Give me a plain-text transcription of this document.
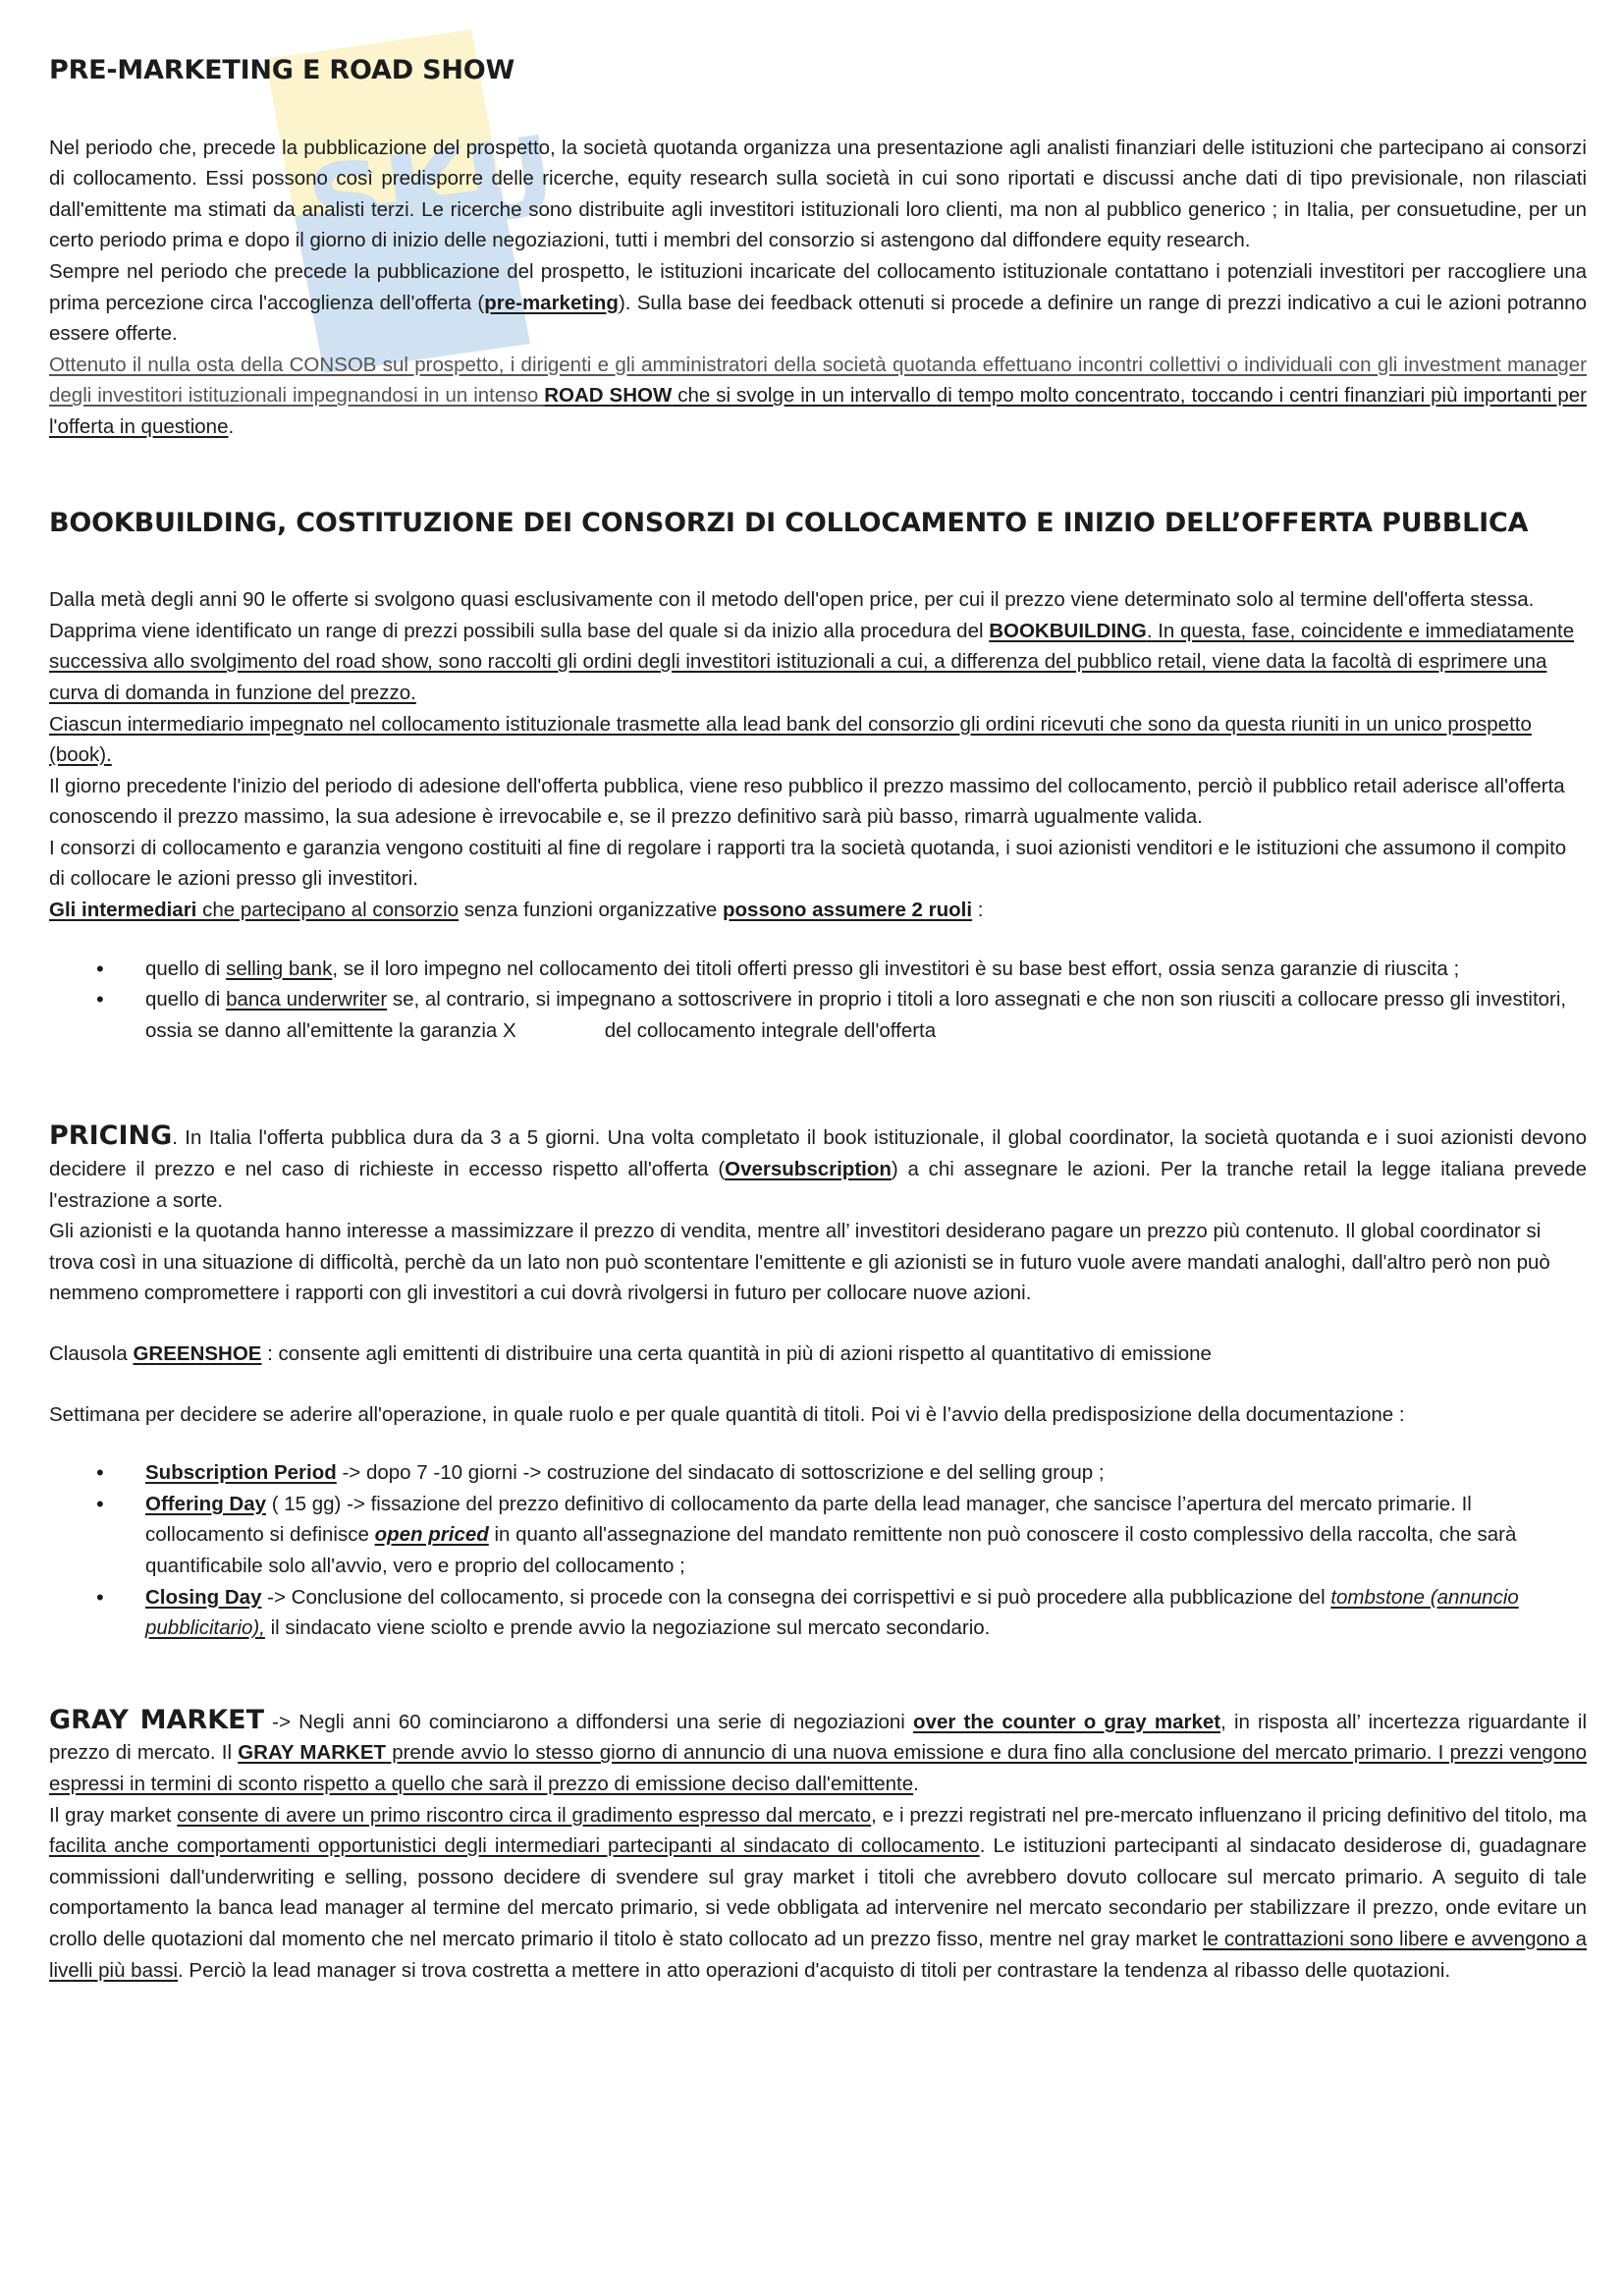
SKU
PRE-MARKETING E ROAD SHOW

Nel periodo che, precede la pubblicazione del prospetto, la società quotanda organizza una presentazione agli analisti finanziari delle istituzioni che partecipano ai consorzi di collocamento. Essi possono così predisporre delle ricerche, equity research sulla società in cui sono riportati e discussi anche dati di tipo previsionale, non rilasciati dall'emittente ma stimati da analisti terzi. Le ricerche sono distribuite agli investitori istituzionali loro clienti, ma non al pubblico generico ; in Italia, per consuetudine, per un certo periodo prima e dopo il giorno di inizio delle negoziazioni, tutti i membri del consorzio si astengono dal diffondere equity research.

Sempre nel periodo che precede la pubblicazione del prospetto, le istituzioni incaricate del collocamento istituzionale contattano i potenziali investitori per raccogliere una prima percezione circa l'accoglienza dell'offerta (pre-marketing). Sulla base dei feedback ottenuti si procede a definire un range di prezzi indicativo a cui le azioni potranno essere offerte.

Ottenuto il nulla osta della CONSOB sul prospetto, i dirigenti e gli amministratori della società quotanda effettuano incontri collettivi o individuali con gli investment manager degli investitori istituzionali impegnandosi in un intenso ROAD SHOW che si svolge in un intervallo di tempo molto concentrato, toccando i centri finanziari più importanti per l'offerta in questione.

BOOKBUILDING, COSTITUZIONE DEI CONSORZI DI COLLOCAMENTO E INIZIO DELL’OFFERTA PUBBLICA

Dalla metà degli anni 90 le offerte si svolgono quasi esclusivamente con il metodo dell'open price, per cui il prezzo viene determinato solo al termine dell'offerta stessa. Dapprima viene identificato un range di prezzi possibili sulla base del quale si da inizio alla procedura del BOOKBUILDING. In questa, fase, coincidente e immediatamente successiva allo svolgimento del road show, sono raccolti gli ordini degli investitori istituzionali a cui, a differenza del pubblico retail, viene data la facoltà di esprimere una curva di domanda in funzione del prezzo.

Ciascun intermediario impegnato nel collocamento istituzionale trasmette alla lead bank del consorzio gli ordini ricevuti che sono da questa riuniti in un unico prospetto (book).

Il giorno precedente l'inizio del periodo di adesione dell'offerta pubblica, viene reso pubblico il prezzo massimo del collocamento, perciò il pubblico retail aderisce all'offerta conoscendo il prezzo massimo, la sua adesione è irrevocabile e, se il prezzo definitivo sarà più basso, rimarrà ugualmente valida.

I consorzi di collocamento e garanzia vengono costituiti al fine di regolare i rapporti tra la società quotanda, i suoi azionisti venditori e le istituzioni che assumono il compito di collocare le azioni presso gli investitori.

Gli intermediari che partecipano al consorzio senza funzioni organizzative possono assumere 2 ruoli :

• quello di selling bank, se il loro impegno nel collocamento dei titoli offerti presso gli investitori è su base best effort, ossia senza garanzie di riuscita ;
• quello di banca underwriter se, al contrario, si impegnano a sottoscrivere in proprio i titoli a loro assegnati e che non son riusciti a collocare presso gli investitori, ossia se danno all'emittente la garanzia X	del collocamento integrale dell'offerta

PRICING. In Italia l'offerta pubblica dura da 3 a 5 giorni. Una volta completato il book istituzionale, il global coordinator, la società quotanda e i suoi azionisti devono decidere il prezzo e nel caso di richieste in eccesso rispetto all'offerta (Oversubscription) a chi assegnare le azioni. Per la tranche retail la legge italiana prevede l'estrazione a sorte.

Gli azionisti e la quotanda hanno interesse a massimizzare il prezzo di vendita, mentre all’ investitori desiderano pagare un prezzo più contenuto. Il global coordinator si trova così in una situazione di difficoltà, perchè da un lato non può scontentare l'emittente e gli azionisti se in futuro vuole avere mandati analoghi, dall'altro però non può nemmeno compromettere i rapporti con gli investitori a cui dovrà rivolgersi in futuro per collocare nuove azioni.

Clausola GREENSHOE : consente agli emittenti di distribuire una certa quantità in più di azioni rispetto al quantitativo di emissione

Settimana per decidere se aderire all'operazione, in quale ruolo e per quale quantità di titoli. Poi vi è l’avvio della predisposizione della documentazione :

• Subscription Period -> dopo 7 -10 giorni -> costruzione del sindacato di sottoscrizione e del selling group ;
• Offering Day ( 15 gg) -> fissazione del prezzo definitivo di collocamento da parte della lead manager, che sancisce l’apertura del mercato primarie. Il collocamento si definisce open priced in quanto all'assegnazione del mandato remittente non può conoscere il costo complessivo della raccolta, che sarà quantificabile solo all'avvio, vero e proprio del collocamento ;
• Closing Day -> Conclusione del collocamento, si procede con la consegna dei corrispettivi e si può procedere alla pubblicazione del tombstone (annuncio pubblicitario), il sindacato viene sciolto e prende avvio la negoziazione sul mercato secondario.

GRAY MARKET -> Negli anni 60 cominciarono a diffondersi una serie di negoziazioni over the counter o gray market, in risposta all’ incertezza riguardante il prezzo di mercato. Il GRAY MARKET prende avvio lo stesso giorno di annuncio di una nuova emissione e dura fino alla conclusione del mercato primario. I prezzi vengono espressi in termini di sconto rispetto a quello che sarà il prezzo di emissione deciso dall'emittente.

Il gray market consente di avere un primo riscontro circa il gradimento espresso dal mercato, e i prezzi registrati nel pre-mercato influenzano il pricing definitivo del titolo, ma facilita anche comportamenti opportunistici degli intermediari partecipanti al sindacato di collocamento. Le istituzioni partecipanti al sindacato desiderose di, guadagnare commissioni dall'underwriting e selling, possono decidere di svendere sul gray market i titoli che avrebbero dovuto collocare sul mercato primario. A seguito di tale comportamento la banca lead manager al termine del mercato primario, si vede obbligata ad intervenire nel mercato secondario per stabilizzare il prezzo, onde evitare un crollo delle quotazioni dal momento che nel mercato primario il titolo è stato collocato ad un prezzo fisso, mentre nel gray market le contrattazioni sono libere e avvengono a livelli più bassi. Perciò la lead manager si trova costretta a mettere in atto operazioni d'acquisto di titoli per contrastare la tendenza al ribasso delle quotazioni.
